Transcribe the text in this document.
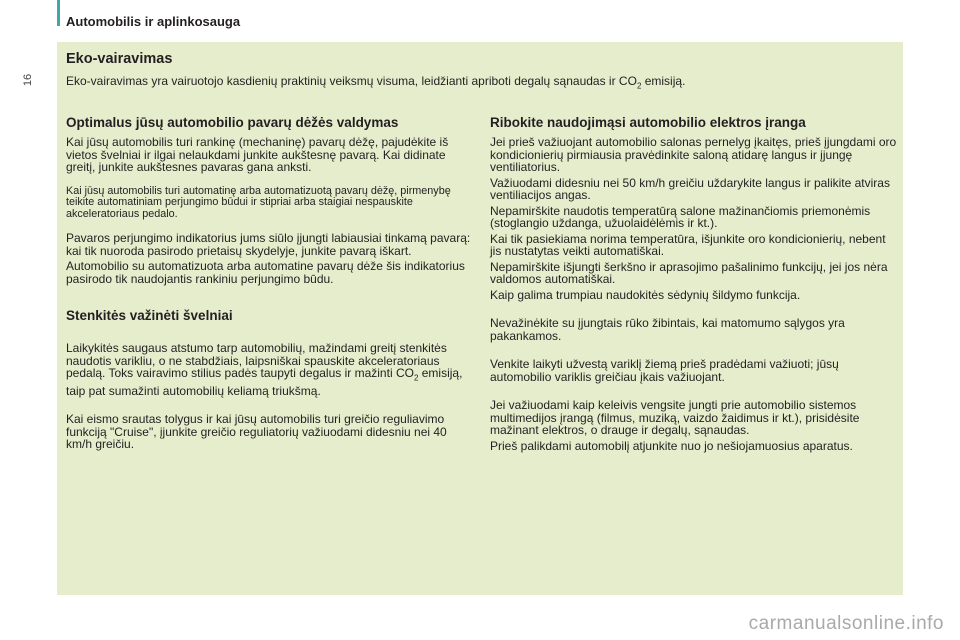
Automobilis ir aplinkosauga
16
Eko-vairavimas
Eko-vairavimas yra vairuotojo kasdienių praktinių veiksmų visuma, leidžianti apriboti degalų sąnaudas ir $CO_2$ emisiją.
Optimalus jūsų automobilio pavarų dėžės valdymas

Kai jūsų automobilis turi rankinę (mechaninę) pavarų dėžę, pajudėkite iš vietos švelniai ir ilgai nelaukdami junkite aukštesnę pavarą. Kai didinate greitį, junkite aukštesnes pavaras gana anksti.

Kai jūsų automobilis turi automatinę arba automatizuotą pavarų dėžę, pirmenybę teikite automatiniam perjungimo būdui ir stipriai arba staigiai nespauskite akceleratoriaus pedalo.

Pavaros perjungimo indikatorius jums siūlo įjungti labiausiai tinkamą pavarą: kai tik nuoroda pasirodo prietaisų skydelyje, junkite pavarą iškart.

Automobilio su automatizuota arba automatine pavarų dėže šis indikatorius pasirodo tik naudojantis rankiniu perjungimo būdu.

Stenkitės važinėti švelniai

Laikykitės saugaus atstumo tarp automobilių, mažindami greitį stenkitės naudotis varikliu, o ne stabdžiais, laipsniškai spauskite akceleratoriaus pedalą. Toks vairavimo stilius padės taupyti degalus ir mažinti $CO_2$ emisiją, taip pat sumažinti automobilių keliamą triukšmą.

Kai eismo srautas tolygus ir kai jūsų automobilis turi greičio reguliavimo funkciją "Cruise", įjunkite greičio reguliatorių važiuodami didesniu nei 40 km/h greičiu.

Ribokite naudojimąsi automobilio elektros įranga

Jei prieš važiuojant automobilio salonas pernelyg įkaitęs, prieš įjungdami oro kondicionierių pirmiausia pravėdinkite saloną atidarę langus ir įjungę ventiliatorius.

Važiuodami didesniu nei 50 km/h greičiu uždarykite langus ir palikite atviras ventiliacijos angas.

Nepamirškite naudotis temperatūrą salone mažinančiomis priemonėmis (stoglangio uždanga, užuolaidėlėmis ir kt.).

Kai tik pasiekiama norima temperatūra, išjunkite oro kondicionierių, nebent jis nustatytas veikti automatiškai.

Nepamirškite išjungti šerkšno ir aprasojimo pašalinimo funkcijų, jei jos nėra valdomos automatiškai.

Kaip galima trumpiau naudokitės sėdynių šildymo funkcija.

Nevažinėkite su įjungtais rūko žibintais, kai matomumo sąlygos yra pakankamos.

Venkite laikyti užvestą variklį žiemą prieš pradėdami važiuoti; jūsų automobilio variklis greičiau įkais važiuojant.

Jei važiuodami kaip keleivis vengsite jungti prie automobilio sistemos multimedijos įrangą (filmus, muziką, vaizdo žaidimus ir kt.), prisidėsite mažinant elektros, o drauge ir degalų, sąnaudas.

Prieš palikdami automobilį atjunkite nuo jo nešiojamuosius aparatus.

carmanualsonline.info
